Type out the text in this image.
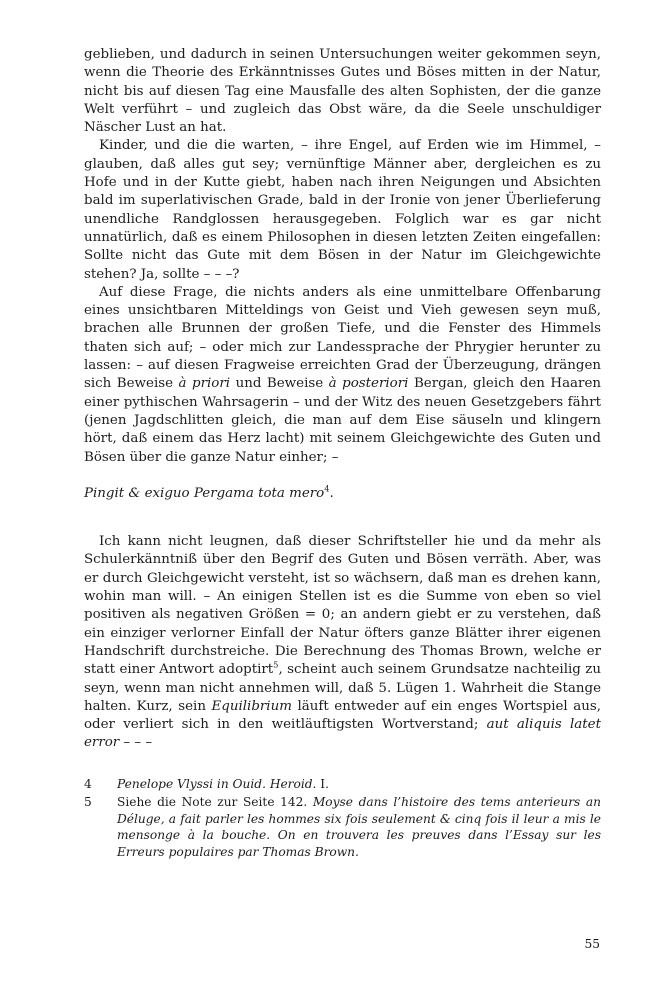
geblieben, und dadurch in seinen Untersuchungen weiter gekommen seyn, wenn die Theorie des Erkänntnisses Gutes und Böses mitten in der Natur, nicht bis auf diesen Tag eine Mausfalle des alten Sophisten, der die ganze Welt verführt – und zugleich das Obst wäre, da die Seele unschuldiger Näscher Lust an hat.

Kinder, und die die warten, – ihre Engel, auf Erden wie im Himmel, – glauben, daß alles gut sey; vernünftige Männer aber, dergleichen es zu Hofe und in der Kutte giebt, haben nach ihren Neigungen und Absichten bald im superlativischen Grade, bald in der Ironie von jener Überlieferung unendliche Randglossen herausgegeben. Folglich war es gar nicht unnatürlich, daß es einem Philosophen in diesen letzten Zeiten eingefallen: Sollte nicht das Gute mit dem Bösen in der Natur im Gleichgewichte stehen? Ja, sollte – – –?

Auf diese Frage, die nichts anders als eine unmittelbare Offenbarung eines unsichtbaren Mitteldings von Geist und Vieh gewesen seyn muß, brachen alle Brunnen der großen Tiefe, und die Fenster des Himmels thaten sich auf; – oder mich zur Landessprache der Phrygier herunter zu lassen: – auf diesen Fragweise erreichten Grad der Überzeugung, drängen sich Beweise à priori und Beweise à posteriori Bergan, gleich den Haaren einer pythischen Wahrsagerin – und der Witz des neuen Gesetzgebers fährt (jenen Jagdschlitten gleich, die man auf dem Eise säuseln und klingern hört, daß einem das Herz lacht) mit seinem Gleichgewichte des Guten und Bösen über die ganze Natur einher; –

Pingit & exiguo Pergama tota mero$^4$.

Ich kann nicht leugnen, daß dieser Schriftsteller hie und da mehr als Schulerkänntniß über den Begrif des Guten und Bösen verräth. Aber, was er durch Gleichgewicht versteht, ist so wächsern, daß man es drehen kann, wohin man will. – An einigen Stellen ist es die Summe von eben so viel positiven als negativen Größen = 0; an andern giebt er zu verstehen, daß ein einziger verlorner Einfall der Natur öfters ganze Blätter ihrer eigenen Handschrift durchstreiche. Die Berechnung des Thomas Brown, welche er statt einer Antwort adoptirt$^5$, scheint auch seinem Grundsatze nachteilig zu seyn, wenn man nicht annehmen will, daß 5. Lügen 1. Wahrheit die Stange halten. Kurz, sein Equilibrium läuft entweder auf ein enges Wortspiel aus, oder verliert sich in den weitläuftigsten Wortverstand; aut aliquis latet error – – –

4	Penelope Vlyssi in Ouid. Heroid. I.
5	Siehe die Note zur Seite 142. Moyse dans l’histoire des tems anterieurs an Déluge, a fait parler les hommes six fois seulement & cinq fois il leur a mis le mensonge à la bouche. On en trouvera les preuves dans l’Essay sur les Erreurs populaires par Thomas Brown.
55
